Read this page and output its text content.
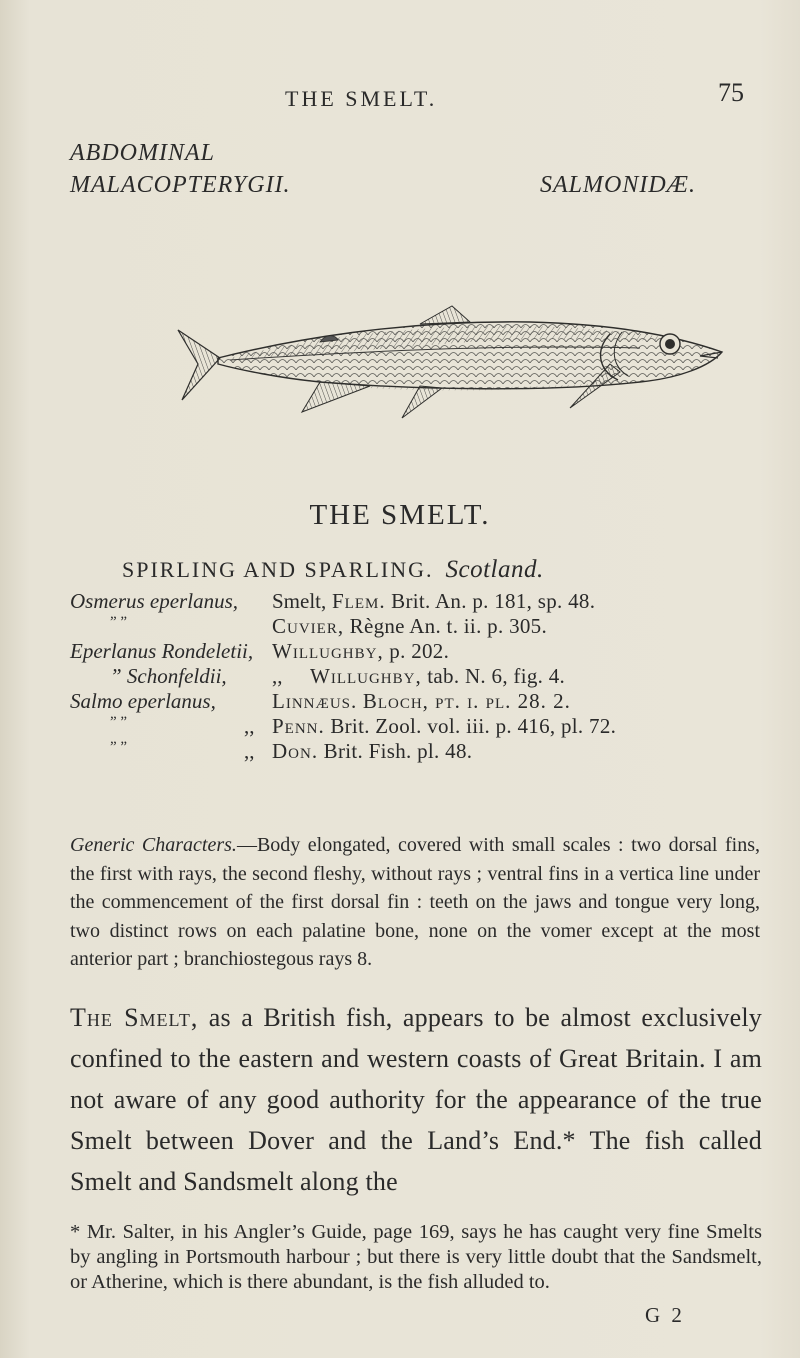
THE SMELT.	75
ABDOMINAL
MALACOPTERYGII.	SALMONIDÆ.
THE SMELT.
SPIRLING AND SPARLING. Scotland.
Osmerus eperlanus, Smelt, Flem. Brit. An. p. 181, sp. 48.
” ”	Cuvier, Règne An. t. ii. p. 305.
Eperlanus Rondeletii, Willughby, p. 202.
” Schonfeldii, ,, Willughby, tab. N. 6, fig. 4.
Salmo eperlanus,	Linnæus. Bloch, pt. i. pl. 28. 2.
” ”	,, Penn. Brit. Zool. vol. iii. p. 416, pl. 72.
” ”	,, Don. Brit. Fish. pl. 48.
Generic Characters.—Body elongated, covered with small scales : two dorsal fins, the first with rays, the second fleshy, without rays ; ventral fins in a vertica line under the commencement of the first dorsal fin : teeth on the jaws and tongue very long, two distinct rows on each palatine bone, none on the vomer except at the most anterior part ; branchiostegous rays 8.
The Smelt, as a British fish, appears to be almost exclusively confined to the eastern and western coasts of Great Britain. I am not aware of any good authority for the appearance of the true Smelt between Dover and the Land’s End.* The fish called Smelt and Sandsmelt along the
* Mr. Salter, in his Angler’s Guide, page 169, says he has caught very fine Smelts by angling in Portsmouth harbour ; but there is very little doubt that the Sandsmelt, or Atherine, which is there abundant, is the fish alluded to.
G 2
